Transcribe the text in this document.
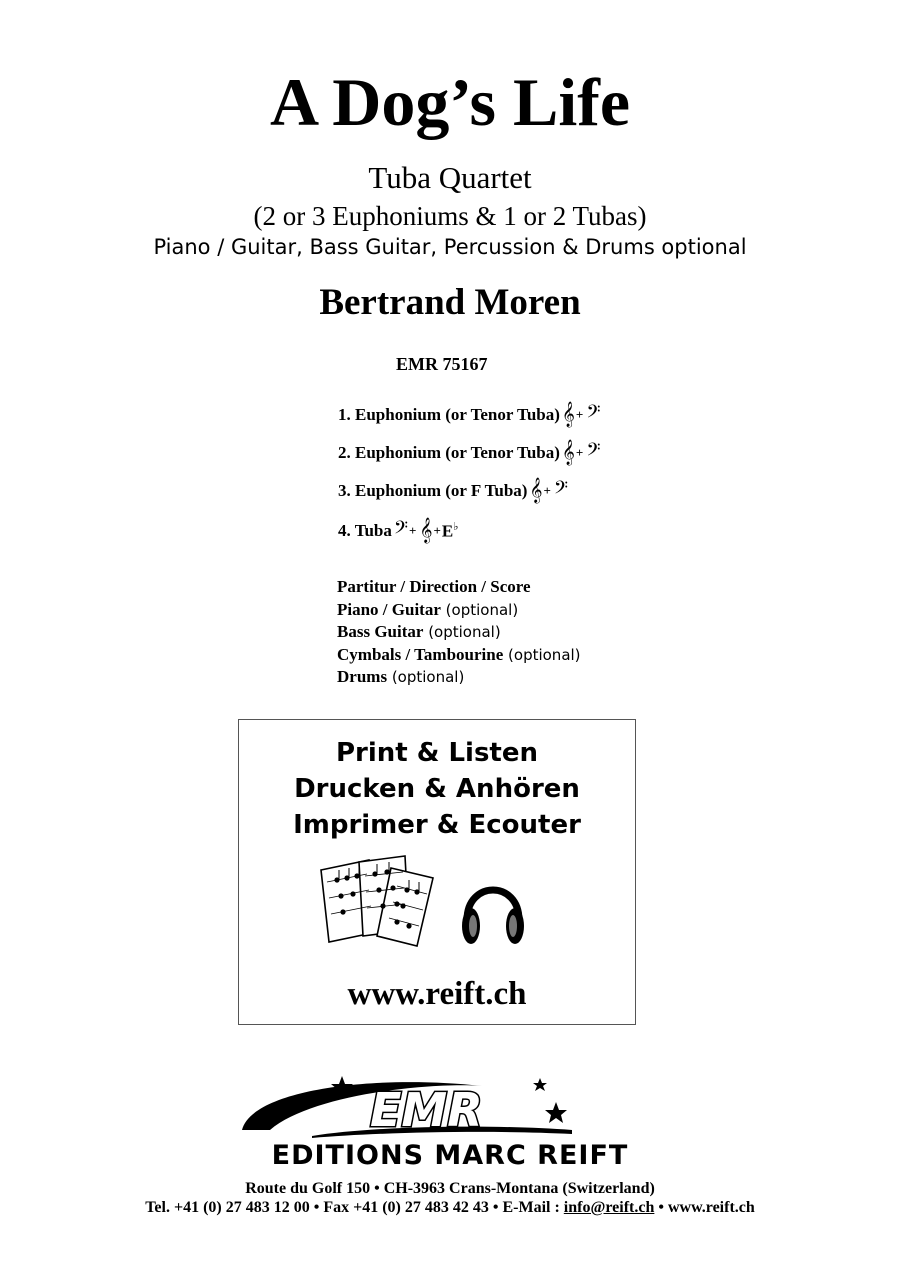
A Dog’s Life
Tuba Quartet
(2 or 3 Euphoniums & 1 or 2 Tubas)
Piano / Guitar, Bass Guitar, Percussion & Drums optional
Bertrand Moren
EMR 75167
1. Euphonium (or Tenor Tuba) 𝄞 + 𝄢
2. Euphonium (or Tenor Tuba) 𝄞 + 𝄢
3. Euphonium (or F Tuba) 𝄞 + 𝄢
4. Tuba 𝄢 + 𝄞 + E♭
Partitur / Direction / Score
Piano / Guitar (optional)
Bass Guitar (optional)
Cymbals / Tambourine (optional)
Drums (optional)
Print & Listen
Drucken & Anhören
Imprimer & Ecouter
www.reift.ch
EMR
EDITIONS MARC REIFT
Route du Golf 150 • CH-3963 Crans-Montana (Switzerland)
Tel. +41 (0) 27 483 12 00 • Fax +41 (0) 27 483 42 43 • E-Mail : info@reift.ch • www.reift.ch
